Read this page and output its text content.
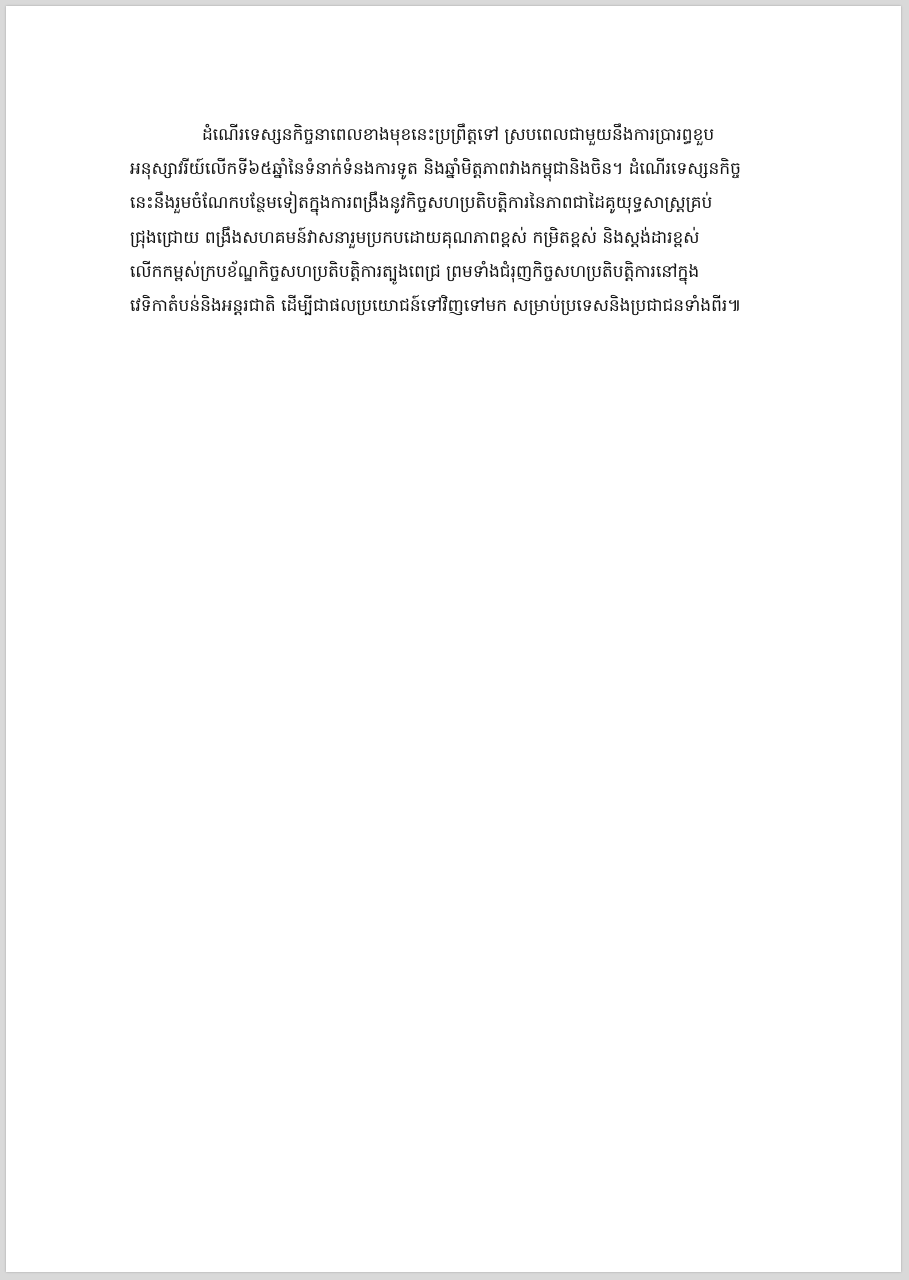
ដំណើរទេស្សនកិច្ចនាពេលខាងមុខនេះប្រព្រឹត្តទៅ ស្របពេលជាមួយនឹងការប្រារព្ធខួប
អនុស្សាវរីយ៍លើកទី៦៥ឆ្នាំនៃទំនាក់ទំនងការទូត និងឆ្នាំមិត្តភាពវាងកម្ពុជានិងចិន។ ដំណើរទេស្សនកិច្ច
នេះនឹងរួមចំណែកបន្ថែមទៀតក្នុងការពង្រឹងនូវកិច្ចសហប្រតិបត្តិការនៃភាពជាដៃគូយុទ្ធសាស្ត្រគ្រប់
ជ្រុងជ្រោយ ពង្រឹងសហគមន៍វាសនារួមប្រកបដោយគុណភាពខ្ពស់ កម្រិតខ្ពស់ និងស្តង់ដារខ្ពស់
លើកកម្ពស់ក្របខ័ណ្ឌកិច្ចសហប្រតិបត្តិការត្បូងពេជ្រ ព្រមទាំងជំរុញកិច្ចសហប្រតិបត្តិការនៅក្នុង
វេទិកាតំបន់និងអន្តរជាតិ ដើម្បីជាផលប្រយោជន៍ទៅវិញទៅមក សម្រាប់ប្រទេសនិងប្រជាជនទាំងពីរ៕
